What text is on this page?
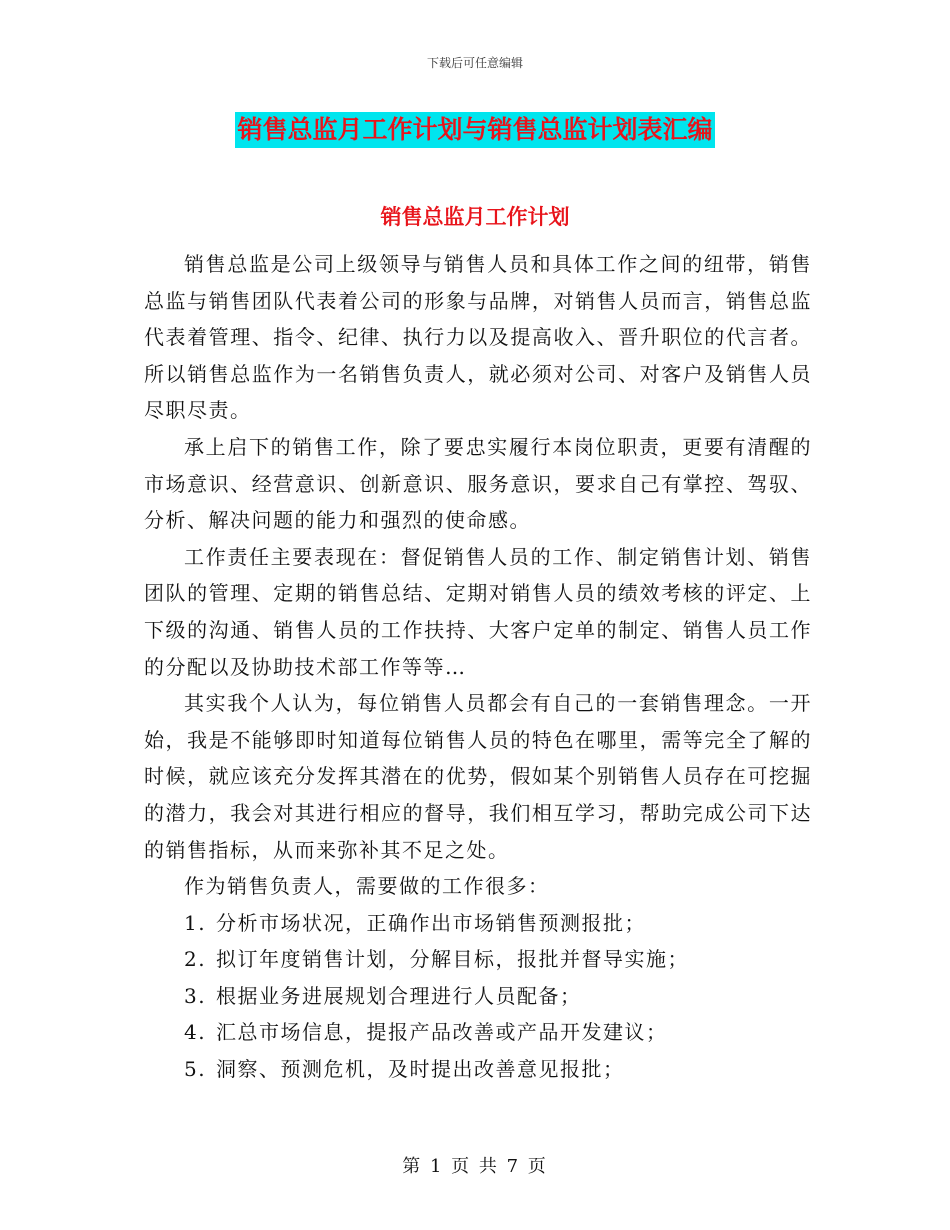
下载后可任意编辑
销售总监月工作计划与销售总监计划表汇编
销售总监月工作计划

销售总监是公司上级领导与销售人员和具体工作之间的纽带，销售总监与销售团队代表着公司的形象与品牌，对销售人员而言，销售总监代表着管理、指令、纪律、执行力以及提高收入、晋升职位的代言者。 所以销售总监作为一名销售负责人，就必须对公司、对客户及销售人员尽职尽责。

承上启下的销售工作，除了要忠实履行本岗位职责，更要有清醒的市场意识、经营意识、创新意识、服务意识，要求自己有掌控、驾驭、分析、解决问题的能力和强烈的使命感。

工作责任主要表现在：督促销售人员的工作、制定销售计划、销售团队的管理、定期的销售总结、定期对销售人员的绩效考核的评定、上下级的沟通、销售人员的工作扶持、大客户定单的制定、销售人员工作的分配以及协助技术部工作等等…

其实我个人认为，每位销售人员都会有自己的一套销售理念。一开始，我是不能够即时知道每位销售人员的特色在哪里，需等完全了解的时候，就应该充分发挥其潜在的优势，假如某个别销售人员存在可挖掘的潜力，我会对其进行相应的督导，我们相互学习，帮助完成公司下达的销售指标，从而来弥补其不足之处。

作为销售负责人，需要做的工作很多：

1. 分析市场状况，正确作出市场销售预测报批；
2. 拟订年度销售计划，分解目标，报批并督导实施；
3. 根据业务进展规划合理进行人员配备；
4. 汇总市场信息，提报产品改善或产品开发建议；
5. 洞察、预测危机，及时提出改善意见报批；
第 1 页 共 7 页
